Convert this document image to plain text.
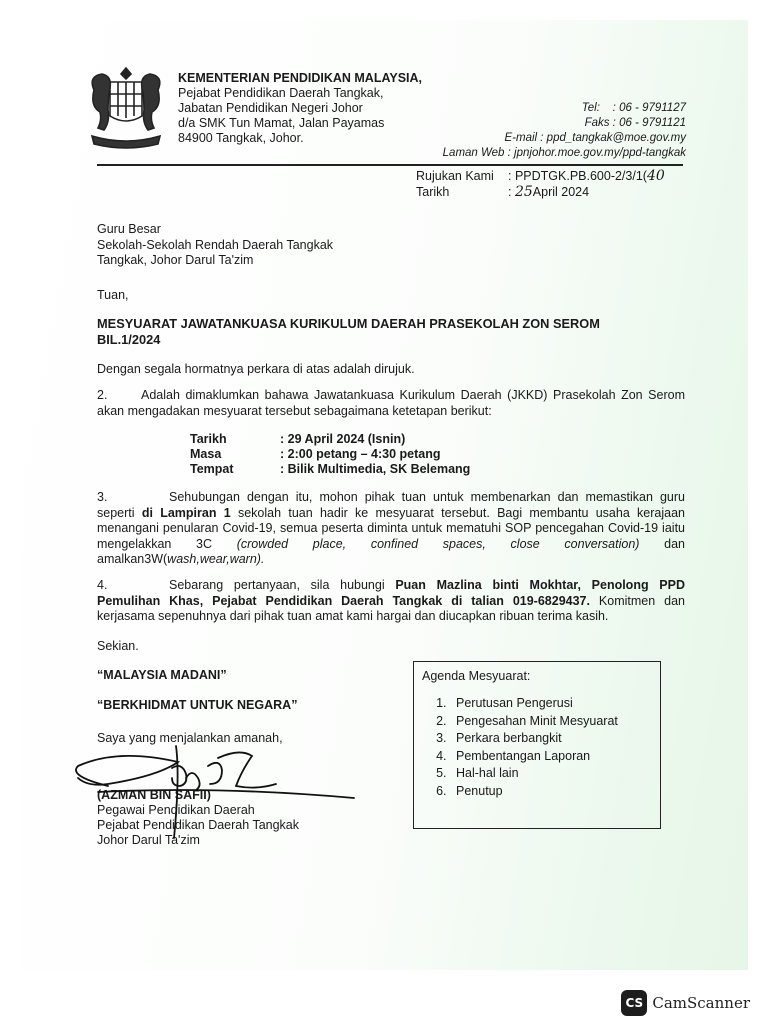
KEMENTERIAN PENDIDIKAN MALAYSIA,
Pejabat Pendidikan Daerah Tangkak,
Jabatan Pendidikan Negeri Johor
d/a SMK Tun Mamat, Jalan Payamas
84900 Tangkak, Johor.
Tel:    : 06 - 9791127
Faks : 06 - 9791121
E-mail : ppd_tangkak@moe.gov.my
Laman Web : jpnjohor.moe.gov.my/ppd-tangkak
Rujukan Kami : PPDTGK.PB.600-2/3/1(40
Tarikh	: 25April 2024
Guru Besar
Sekolah-Sekolah Rendah Daerah Tangkak
Tangkak, Johor Darul Ta'zim
Tuan,
MESYUARAT JAWATANKUASA KURIKULUM DAERAH PRASEKOLAH ZON SEROM
BIL.1/2024
Dengan segala hormatnya perkara di atas adalah dirujuk.
2.	Adalah dimaklumkan bahawa Jawatankuasa Kurikulum Daerah (JKKD) Prasekolah Zon Serom akan mengadakan mesyuarat tersebut sebagaimana ketetapan berikut:
Tarikh	: 29 April 2024 (Isnin)
Masa	: 2:00 petang – 4:30 petang
Tempat	: Bilik Multimedia, SK Belemang
3.	Sehubungan dengan itu, mohon pihak tuan untuk membenarkan dan memastikan guru seperti di Lampiran 1 sekolah tuan hadir ke mesyuarat tersebut. Bagi membantu usaha kerajaan menangani penularan Covid-19, semua peserta diminta untuk mematuhi SOP pencegahan Covid-19 iaitu mengelakkan 3C (crowded place, confined spaces, close conversation) dan amalkan3W(wash,wear,warn).
4.	Sebarang pertanyaan, sila hubungi Puan Mazlina binti Mokhtar, Penolong PPD Pemulihan Khas, Pejabat Pendidikan Daerah Tangkak di talian 019-6829437. Komitmen dan kerjasama sepenuhnya dari pihak tuan amat kami hargai dan diucapkan ribuan terima kasih.
Sekian.
“MALAYSIA MADANI”
“BERKHIDMAT UNTUK NEGARA”
Saya yang menjalankan amanah,
Agenda Mesyuarat:
1. Perutusan Pengerusi
2. Pengesahan Minit Mesyuarat
3. Perkara berbangkit
4. Pembentangan Laporan
5. Hal-hal lain
6. Penutup
(AZMAN BIN SAFII)
Pegawai Pendidikan Daerah
Pejabat Pendidikan Daerah Tangkak
Johor Darul Ta'zim
CS CamScanner
